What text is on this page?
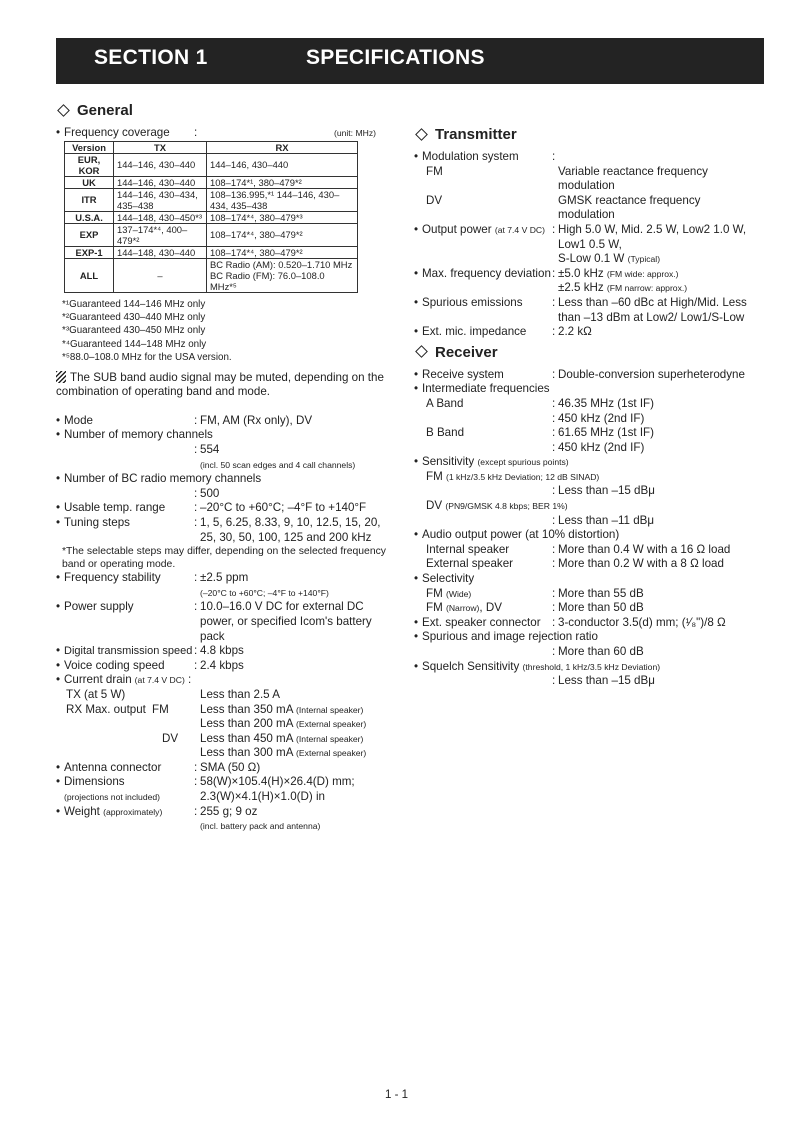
SECTION 1	SPECIFICATIONS
General
• Frequency coverage	:	(unit: MHz)
Version	TX	RX
EUR, KOR	144–146, 430–440	144–146, 430–440
UK	144–146, 430–440	108–174*¹, 380–479*²
ITR	144–146, 430–434, 435–438	108–136.995,*¹ 144–146, 430–434, 435–438
U.S.A.	144–148, 430–450*³	108–174*⁴, 380–479*³
EXP	137–174*⁴, 400–479*²	108–174*⁴, 380–479*²
EXP-1	144–148, 430–440	108–174*⁴, 380–479*²
ALL	–	BC Radio (AM): 0.520–1.710 MHz BC Radio (FM): 76.0–108.0 MHz*⁵
*¹Guaranteed 144–146 MHz only
*²Guaranteed 430–440 MHz only
*³Guaranteed 430–450 MHz only
*⁴Guaranteed 144–148 MHz only
*⁵88.0–108.0 MHz for the USA version.
The SUB band audio signal may be muted, depending on the combination of operating band and mode.
• Mode	: FM, AM (Rx only), DV
• Number of memory channels
: 554
(incl. 50 scan edges and 4 call channels)
• Number of BC radio memory channels
: 500
• Usable temp. range	: –20°C to +60°C; –4°F to +140°F
• Tuning steps	: 1, 5, 6.25, 8.33, 9, 10, 12.5, 15, 20, 25, 30, 50, 100, 125 and 200 kHz
*The selectable steps may differ, depending on the selected frequency band or operating mode.
• Frequency stability	: ±2.5 ppm
(–20°C to +60°C; –4°F to +140°F)
• Power supply	: 10.0–16.0 V DC for external DC power, or specified Icom's battery pack
• Digital transmission speed : 4.8 kbps
• Voice coding speed	: 2.4 kbps
• Current drain (at 7.4 V DC) :
TX (at 5 W)	Less than 2.5 A
RX Max. output FM	Less than 350 mA (Internal speaker)
Less than 200 mA (External speaker)
DV	Less than 450 mA (Internal speaker)
Less than 300 mA (External speaker)
• Antenna connector	: SMA (50 Ω)
• Dimensions	: 58(W)×105.4(H)×26.4(D) mm;
(projections not included)	2.3(W)×4.1(H)×1.0(D) in
• Weight (approximately)	: 255 g; 9 oz
(incl. battery pack and antenna)
Transmitter
• Modulation system	:
FM	Variable reactance frequency modulation
DV	GMSK reactance frequency modulation
• Output power (at 7.4 V DC) : High 5.0 W, Mid. 2.5 W, Low2 1.0 W, Low1 0.5 W,
S-Low 0.1 W (Typical)
• Max. frequency deviation : ±5.0 kHz (FM wide: approx.)
±2.5 kHz (FM narrow: approx.)
• Spurious emissions	: Less than –60 dBc at High/Mid. Less than –13 dBm at Low2/ Low1/S-Low
• Ext. mic. impedance	: 2.2 kΩ
Receiver
• Receive system	: Double-conversion superheterodyne
• Intermediate frequencies
A Band	: 46.35 MHz (1st IF)
: 450 kHz (2nd IF)
B Band	: 61.65 MHz (1st IF)
: 450 kHz (2nd IF)
• Sensitivity (except spurious points)
FM (1 kHz/3.5 kHz Deviation; 12 dB SINAD)
: Less than –15 dBμ
DV (PN9/GMSK 4.8 kbps; BER 1%)
: Less than –11 dBμ
• Audio output power (at 10% distortion)
Internal speaker	: More than 0.4 W with a 16 Ω load
External speaker	: More than 0.2 W with a 8 Ω load
• Selectivity
FM (Wide)	: More than 55 dB
FM (Narrow), DV	: More than 50 dB
• Ext. speaker connector : 3-conductor 3.5(d) mm; (¹⁄₈")/8 Ω
• Spurious and image rejection ratio
: More than 60 dB
• Squelch Sensitivity (threshold, 1 kHz/3.5 kHz Deviation)
: Less than –15 dBμ
1 - 1
